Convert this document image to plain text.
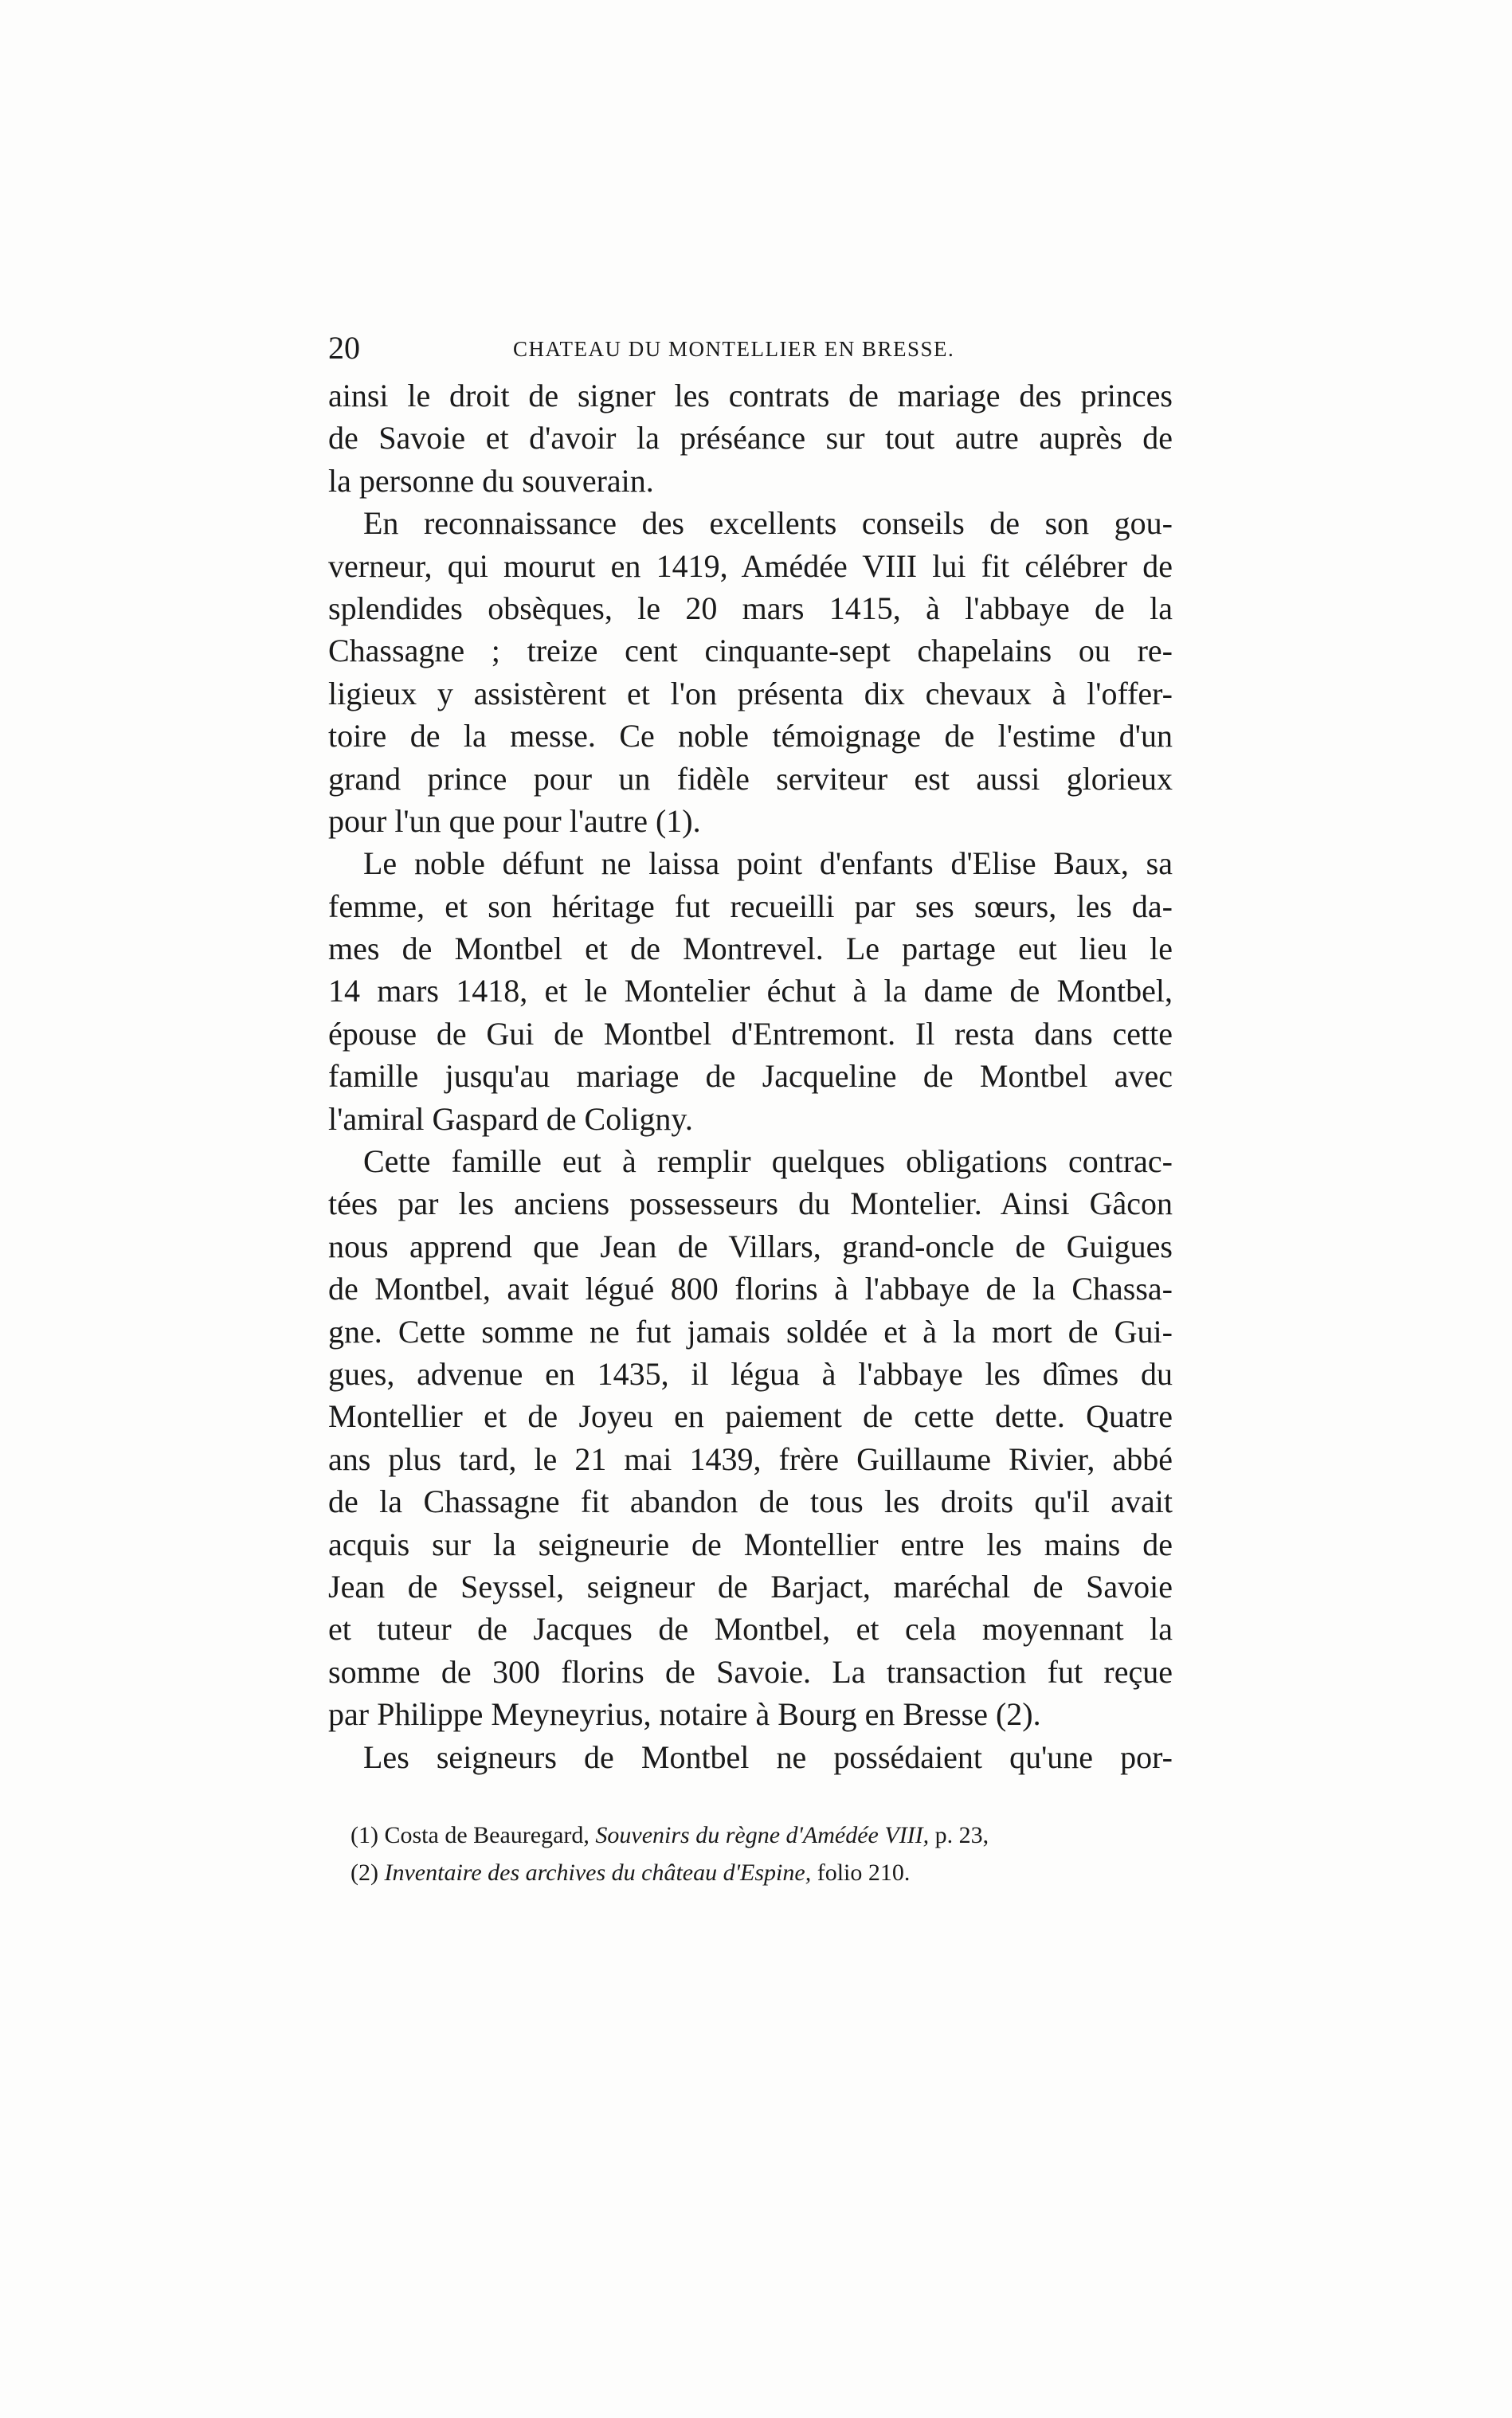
20	CHATEAU DU MONTELLIER EN BRESSE.
ainsi le droit de signer les contrats de mariage des princes
de Savoie et d'avoir la préséance sur tout autre auprès de
la personne du souverain.
En reconnaissance des excellents conseils de son gou-
verneur, qui mourut en 1419, Amédée VIII lui fit célébrer de
splendides obsèques, le 20 mars 1415, à l'abbaye de la
Chassagne ; treize cent cinquante-sept chapelains ou re-
ligieux y assistèrent et l'on présenta dix chevaux à l'offer-
toire de la messe. Ce noble témoignage de l'estime d'un
grand prince pour un fidèle serviteur est aussi glorieux
pour l'un que pour l'autre (1).
Le noble défunt ne laissa point d'enfants d'Elise Baux, sa
femme, et son héritage fut recueilli par ses sœurs, les da-
mes de Montbel et de Montrevel. Le partage eut lieu le
14 mars 1418, et le Montelier échut à la dame de Montbel,
épouse de Gui de Montbel d'Entremont. Il resta dans cette
famille jusqu'au mariage de Jacqueline de Montbel avec
l'amiral Gaspard de Coligny.
Cette famille eut à remplir quelques obligations contrac-
tées par les anciens possesseurs du Montelier. Ainsi Gâcon
nous apprend que Jean de Villars, grand-oncle de Guigues
de Montbel, avait légué 800 florins à l'abbaye de la Chassa-
gne. Cette somme ne fut jamais soldée et à la mort de Gui-
gues, advenue en 1435, il légua à l'abbaye les dîmes du
Montellier et de Joyeu en paiement de cette dette. Quatre
ans plus tard, le 21 mai 1439, frère Guillaume Rivier, abbé
de la Chassagne fit abandon de tous les droits qu'il avait
acquis sur la seigneurie de Montellier entre les mains de
Jean de Seyssel, seigneur de Barjact, maréchal de Savoie
et tuteur de Jacques de Montbel, et cela moyennant la
somme de 300 florins de Savoie. La transaction fut reçue
par Philippe Meyneyrius, notaire à Bourg en Bresse (2).
Les seigneurs de Montbel ne possédaient qu'une por-
(1) Costa de Beauregard, Souvenirs du règne d'Amédée VIII, p. 23,
(2) Inventaire des archives du château d'Espine, folio 210.
